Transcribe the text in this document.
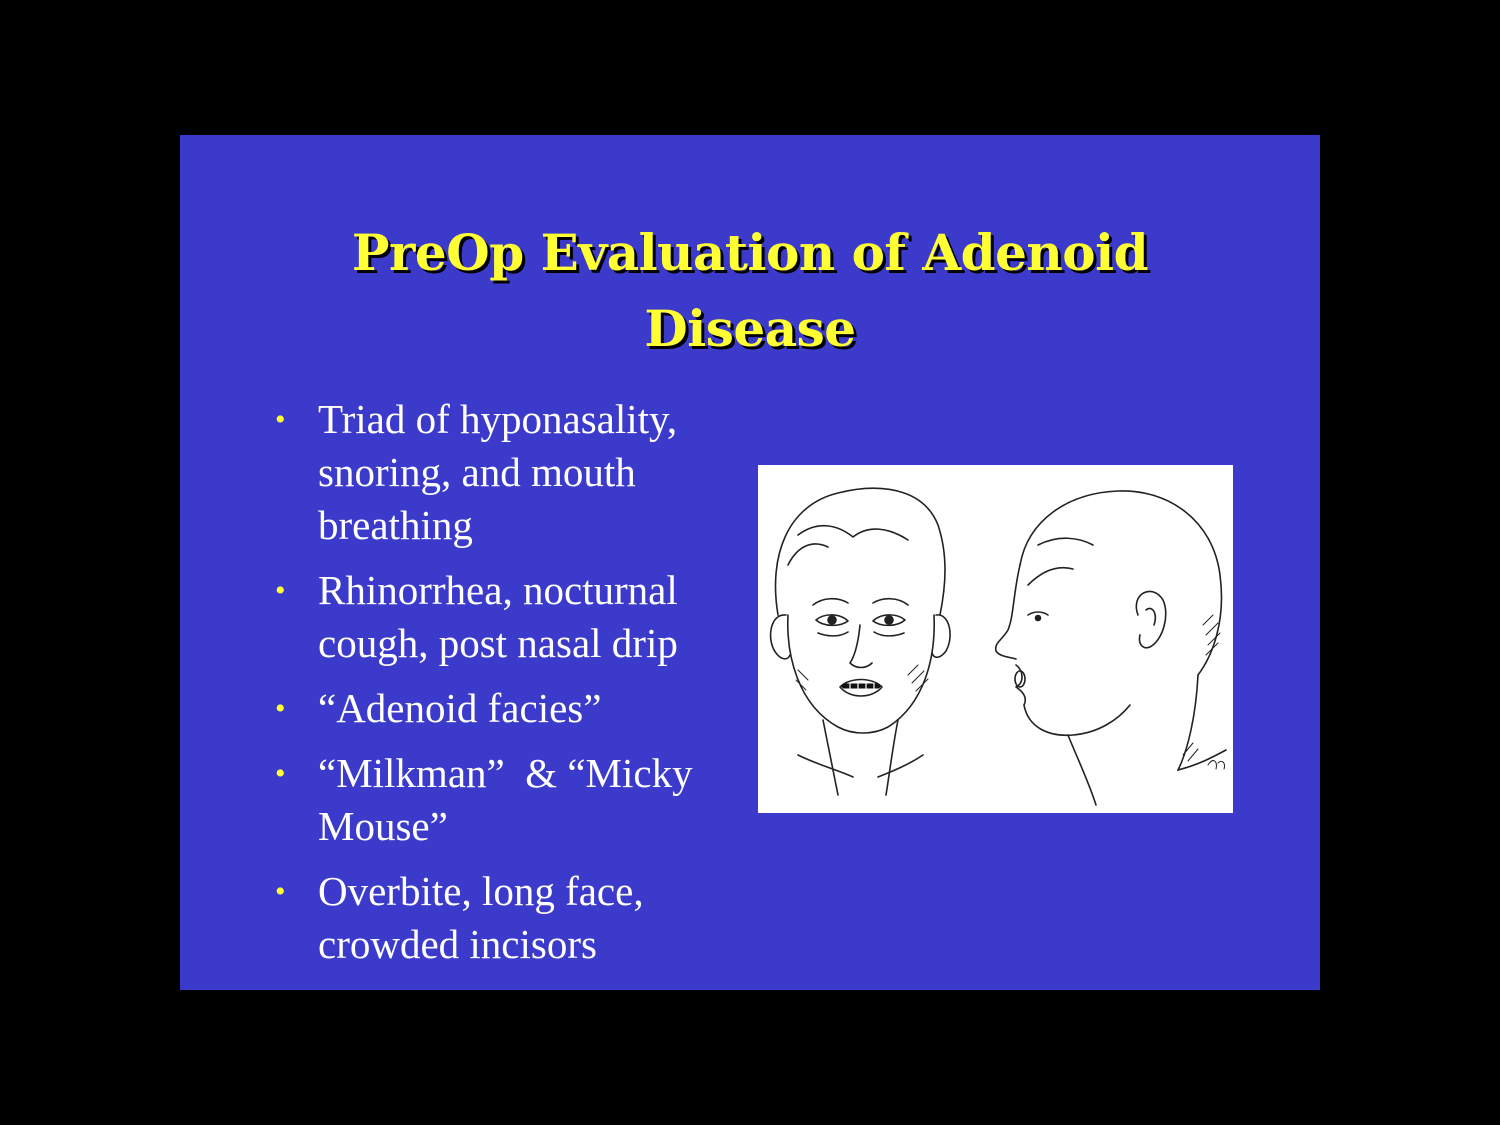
PreOp Evaluation of Adenoid
Disease
• Triad of hyponasality, snoring, and mouth breathing
• Rhinorrhea, nocturnal cough, post nasal drip
• “Adenoid facies”
• “Milkman”  & “Micky Mouse”
• Overbite, long face, crowded incisors
